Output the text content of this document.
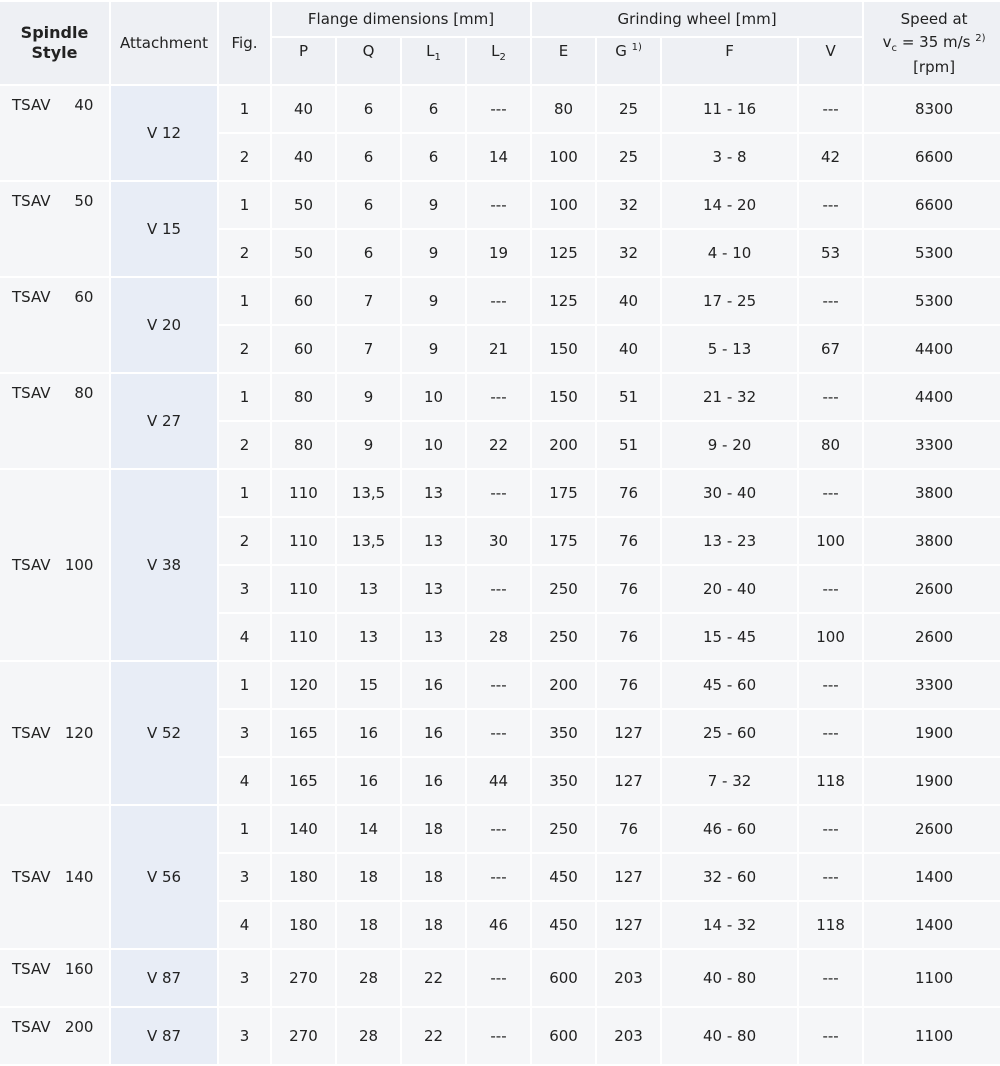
Spindle
Style	Attachment	Fig.	Flange dimensions [mm]				Grinding wheel [mm]				Speed at
$v_c = 35$ m/s $^{2)}$
[rpm]
			P	Q	$L_1$	$L_2$	E	G $^{1)}$	F	V	
TSAV     40	V 12	1	40	6	6	---	80	25	11 - 16	---	8300
		2	40	6	6	14	100	25	3 - 8	42	6600
TSAV     50	V 15	1	50	6	9	---	100	32	14 - 20	---	6600
		2	50	6	9	19	125	32	4 - 10	53	5300
TSAV     60	V 20	1	60	7	9	---	125	40	17 - 25	---	5300
		2	60	7	9	21	150	40	5 - 13	67	4400
TSAV     80	V 27	1	80	9	10	---	150	51	21 - 32	---	4400
		2	80	9	10	22	200	51	9 - 20	80	3300
TSAV   100	V 38	1	110	13,5	13	---	175	76	30 - 40	---	3800
		2	110	13,5	13	30	175	76	13 - 23	100	3800
		3	110	13	13	---	250	76	20 - 40	---	2600
		4	110	13	13	28	250	76	15 - 45	100	2600
TSAV   120	V 52	1	120	15	16	---	200	76	45 - 60	---	3300
		3	165	16	16	---	350	127	25 - 60	---	1900
		4	165	16	16	44	350	127	7 - 32	118	1900
TSAV   140	V 56	1	140	14	18	---	250	76	46 - 60	---	2600
		3	180	18	18	---	450	127	32 - 60	---	1400
		4	180	18	18	46	450	127	14 - 32	118	1400
TSAV   160	V 87	3	270	28	22	---	600	203	40 - 80	---	1100
TSAV   200	V 87	3	270	28	22	---	600	203	40 - 80	---	1100
